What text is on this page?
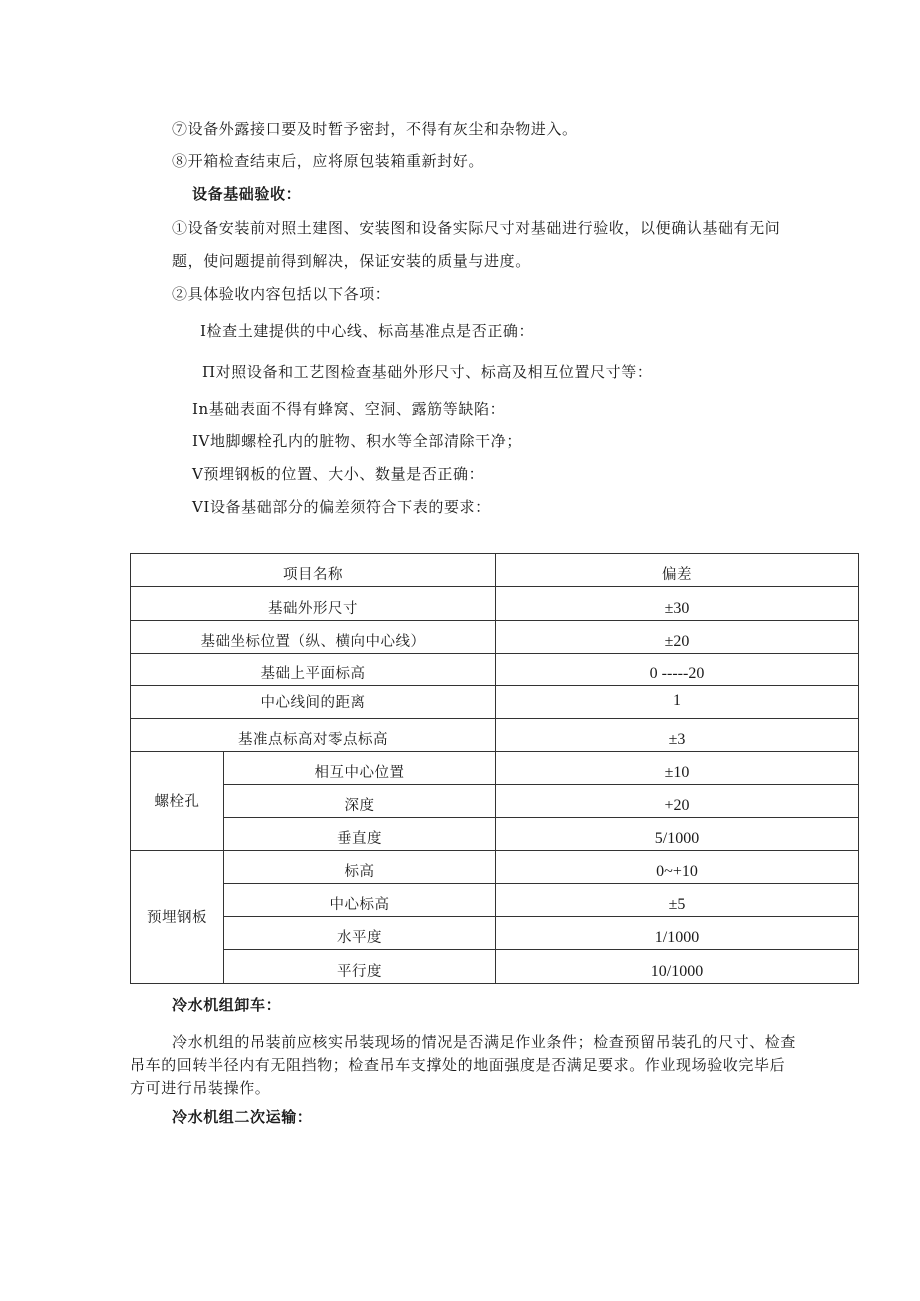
⑦设备外露接口要及时暂予密封，不得有灰尘和杂物进入。
⑧开箱检查结束后，应将原包装箱重新封好。
设备基础验收：
①设备安装前对照土建图、安装图和设备实际尺寸对基础进行验收，以便确认基础有无问
题，使问题提前得到解决，保证安装的质量与进度。
②具体验收内容包括以下各项：
I检查土建提供的中心线、标高基准点是否正确：
Π对照设备和工艺图检查基础外形尺寸、标高及相互位置尺寸等：
In基础表面不得有蜂窝、空洞、露筋等缺陷：
IV地脚螺栓孔内的脏物、积水等全部清除干净；
V预埋钢板的位置、大小、数量是否正确：
VI设备基础部分的偏差须符合下表的要求：
项目名称		偏差
基础外形尺寸		±30
基础坐标位置（纵、横向中心线）		±20
基础上平面标高		0 -----20
中心线间的距离		1
基准点标高对零点标高		±3
螺栓孔	相互中心位置	±10
	深度	+20
	垂直度	5/1000
预埋钢板	标高	0~+10
	中心标高	±5
	水平度	1/1000
	平行度	10/1000
冷水机组卸车：
冷水机组的吊装前应核实吊装现场的情况是否满足作业条件；检查预留吊装孔的尺寸、检查
吊车的回转半径内有无阻挡物；检查吊车支撑处的地面强度是否满足要求。作业现场验收完毕后
方可进行吊装操作。
冷水机组二次运输：
